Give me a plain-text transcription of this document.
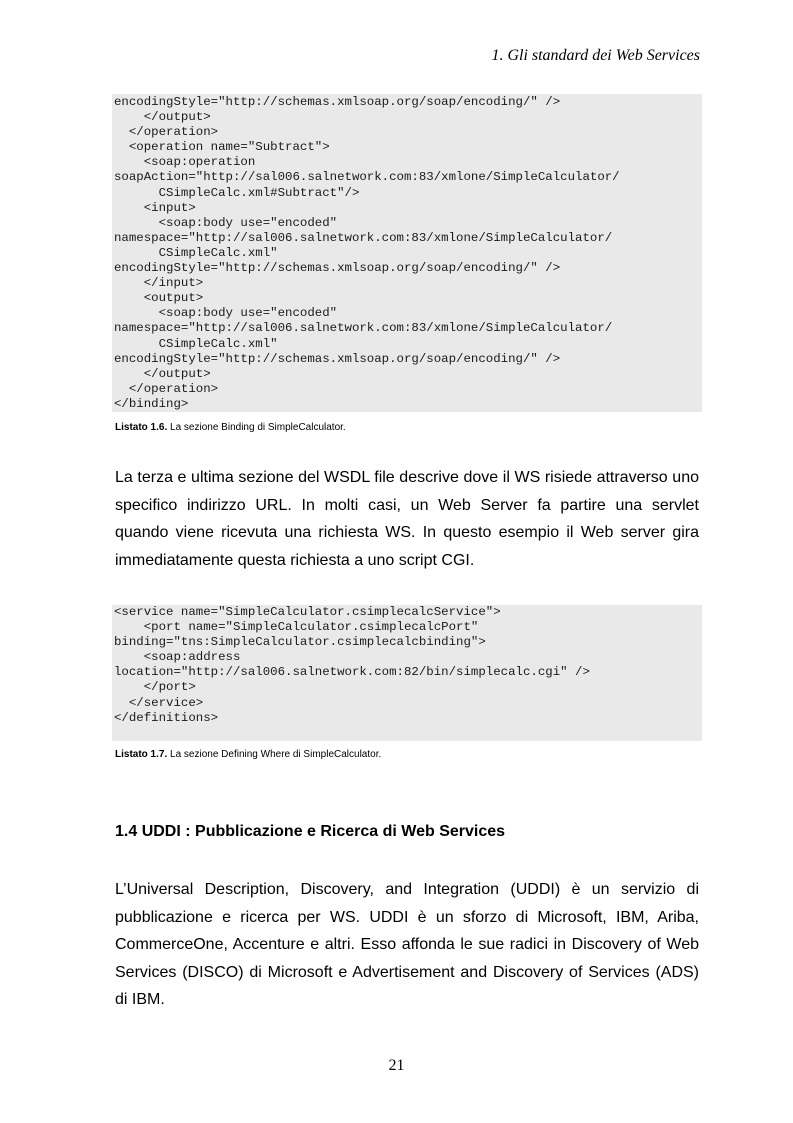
1. Gli standard dei Web Services
encodingStyle="http://schemas.xmlsoap.org/soap/encoding/" />
</output>
</operation>
<operation name="Subtract">
<soap:operation
soapAction="http://sal006.salnetwork.com:83/xmlone/SimpleCalculator/
CSimpleCalc.xml#Subtract"/>
<input>
<soap:body use="encoded"
namespace="http://sal006.salnetwork.com:83/xmlone/SimpleCalculator/
CSimpleCalc.xml"
encodingStyle="http://schemas.xmlsoap.org/soap/encoding/" />
</input>
<output>
<soap:body use="encoded"
namespace="http://sal006.salnetwork.com:83/xmlone/SimpleCalculator/
CSimpleCalc.xml"
encodingStyle="http://schemas.xmlsoap.org/soap/encoding/" />
</output>
</operation>
</binding>
Listato 1.6. La sezione Binding di SimpleCalculator.
La terza e ultima sezione del WSDL file descrive dove il WS risiede attraverso uno
specifico indirizzo URL. In molti casi, un Web Server fa partire una servlet
quando viene ricevuta una richiesta WS. In questo esempio il Web server gira
immediatamente questa richiesta a uno script CGI.
<service name="SimpleCalculator.csimplecalcService">
<port name="SimpleCalculator.csimplecalcPort"
binding="tns:SimpleCalculator.csimplecalcbinding">
<soap:address
location="http://sal006.salnetwork.com:82/bin/simplecalc.cgi" />
</port>
</service>
</definitions>
Listato 1.7. La sezione Defining Where di SimpleCalculator.
1.4 UDDI : Pubblicazione e Ricerca di Web Services
L’Universal Description, Discovery, and Integration (UDDI) è un servizio di
pubblicazione e ricerca per WS. UDDI è un sforzo di Microsoft, IBM, Ariba,
CommerceOne, Accenture e altri. Esso affonda le sue radici in Discovery of Web
Services (DISCO) di Microsoft e Advertisement and Discovery of Services (ADS)
di IBM.
21
